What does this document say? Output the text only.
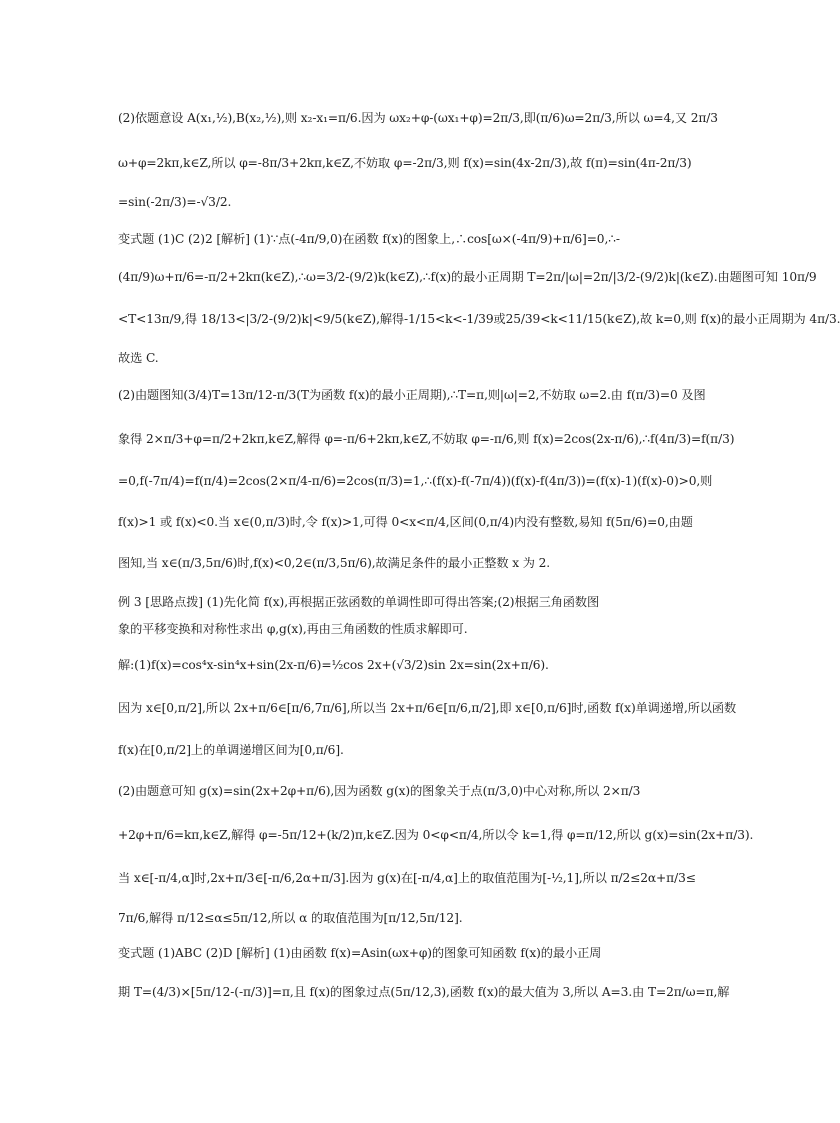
(2)依题意设 A(x₁,½),B(x₂,½),则 x₂-x₁=π/6.因为 ωx₂+φ-(ωx₁+φ)=2π/3,即(π/6)ω=2π/3,所以 ω=4,又 2π/3
ω+φ=2kπ,k∈Z,所以 φ=-8π/3+2kπ,k∈Z,不妨取 φ=-2π/3,则 f(x)=sin(4x-2π/3),故 f(π)=sin(4π-2π/3)
=sin(-2π/3)=-√3/2.
变式题 (1)C (2)2 [解析] (1)∵点(-4π/9,0)在函数 f(x)的图象上,∴cos[ω×(-4π/9)+π/6]=0,∴-
(4π/9)ω+π/6=-π/2+2kπ(k∈Z),∴ω=3/2-(9/2)k(k∈Z),∴f(x)的最小正周期 T=2π/|ω|=2π/|3/2-(9/2)k|(k∈Z).由题图可知 10π/9
<T<13π/9,得 18/13<|3/2-(9/2)k|<9/5(k∈Z),解得-1/15<k<-1/39或25/39<k<11/15(k∈Z),故 k=0,则 f(x)的最小正周期为 4π/3.
故选 C.
(2)由题图知(3/4)T=13π/12-π/3(T为函数 f(x)的最小正周期),∴T=π,则|ω|=2,不妨取 ω=2.由 f(π/3)=0 及图
象得 2×π/3+φ=π/2+2kπ,k∈Z,解得 φ=-π/6+2kπ,k∈Z,不妨取 φ=-π/6,则 f(x)=2cos(2x-π/6),∴f(4π/3)=f(π/3)
=0,f(-7π/4)=f(π/4)=2cos(2×π/4-π/6)=2cos(π/3)=1,∴(f(x)-f(-7π/4))(f(x)-f(4π/3))=(f(x)-1)(f(x)-0)>0,则
f(x)>1 或 f(x)<0.当 x∈(0,π/3)时,令 f(x)>1,可得 0<x<π/4,区间(0,π/4)内没有整数,易知 f(5π/6)=0,由题
图知,当 x∈(π/3,5π/6)时,f(x)<0,2∈(π/3,5π/6),故满足条件的最小正整数 x 为 2.
例 3 [思路点拨] (1)先化简 f(x),再根据正弦函数的单调性即可得出答案;(2)根据三角函数图
象的平移变换和对称性求出 φ,g(x),再由三角函数的性质求解即可.
解:(1)f(x)=cos⁴x-sin⁴x+sin(2x-π/6)=½cos 2x+(√3/2)sin 2x=sin(2x+π/6).
因为 x∈[0,π/2],所以 2x+π/6∈[π/6,7π/6],所以当 2x+π/6∈[π/6,π/2],即 x∈[0,π/6]时,函数 f(x)单调递增,所以函数
f(x)在[0,π/2]上的单调递增区间为[0,π/6].
(2)由题意可知 g(x)=sin(2x+2φ+π/6),因为函数 g(x)的图象关于点(π/3,0)中心对称,所以 2×π/3
+2φ+π/6=kπ,k∈Z,解得 φ=-5π/12+(k/2)π,k∈Z.因为 0<φ<π/4,所以令 k=1,得 φ=π/12,所以 g(x)=sin(2x+π/3).
当 x∈[-π/4,α]时,2x+π/3∈[-π/6,2α+π/3].因为 g(x)在[-π/4,α]上的取值范围为[-½,1],所以 π/2≤2α+π/3≤
7π/6,解得 π/12≤α≤5π/12,所以 α 的取值范围为[π/12,5π/12].
变式题 (1)ABC (2)D [解析] (1)由函数 f(x)=Asin(ωx+φ)的图象可知函数 f(x)的最小正周
期 T=(4/3)×[5π/12-(-π/3)]=π,且 f(x)的图象过点(5π/12,3),函数 f(x)的最大值为 3,所以 A=3.由 T=2π/ω=π,解
